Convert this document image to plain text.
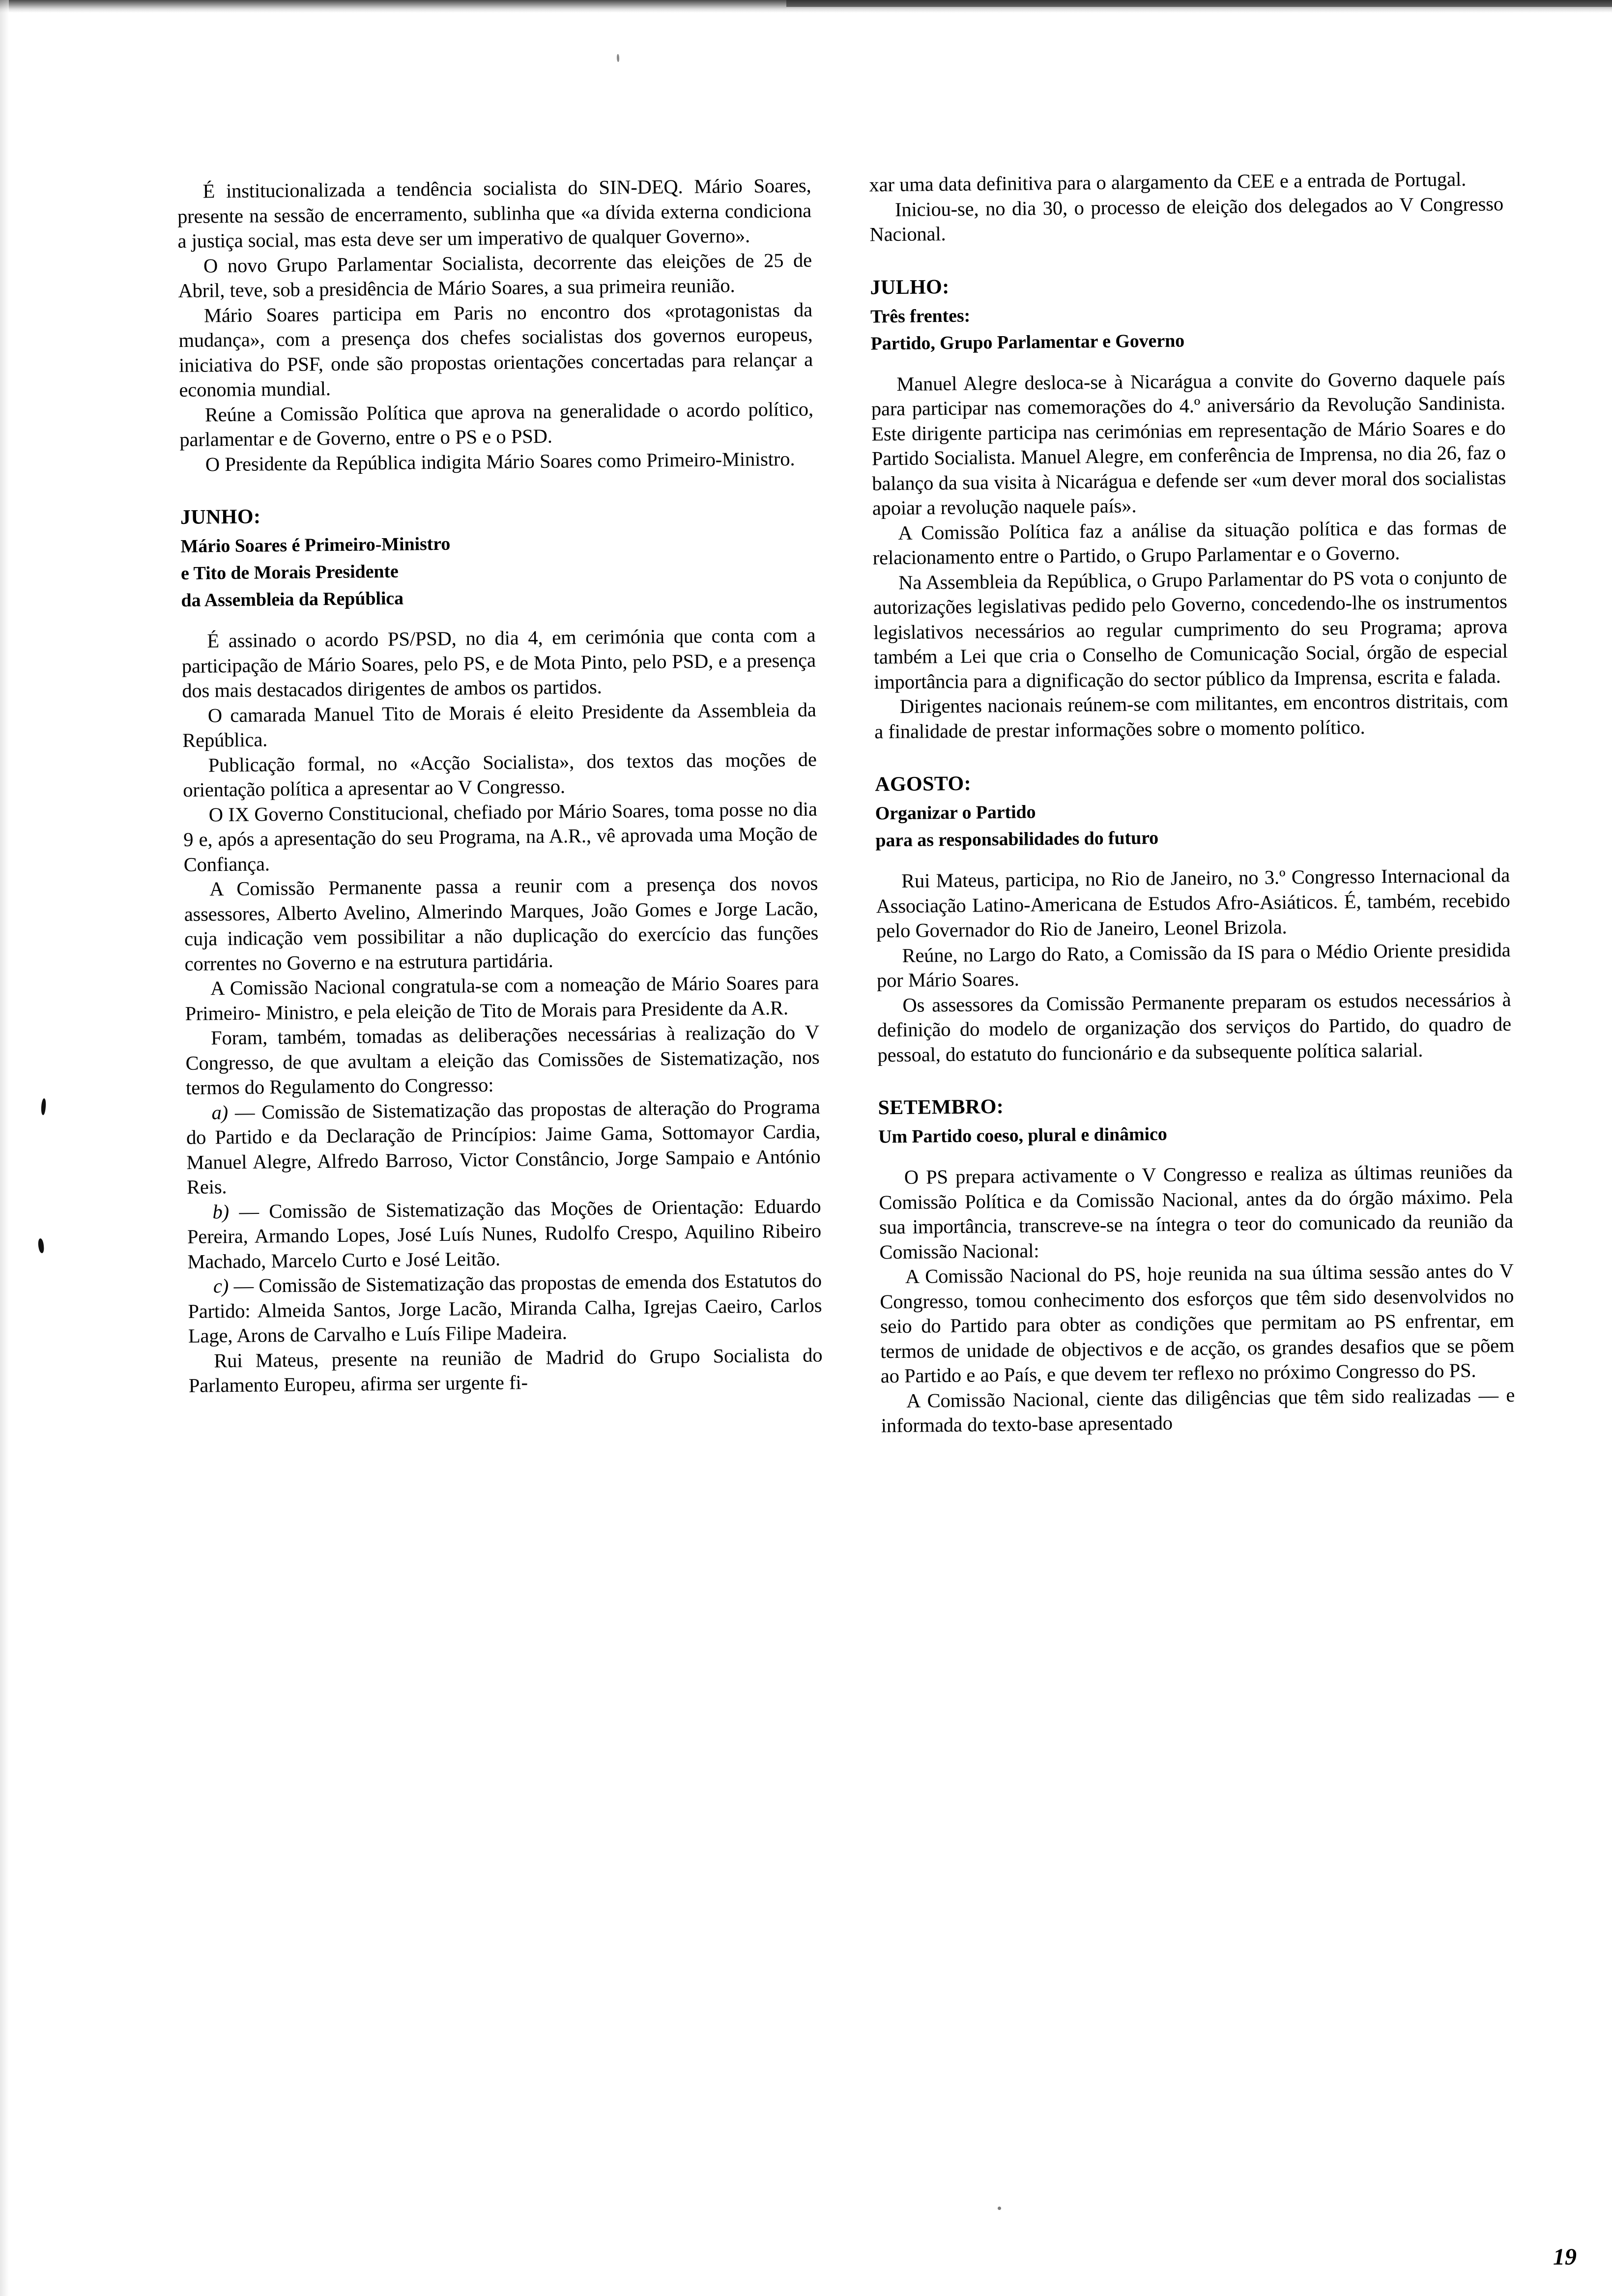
É institucionalizada a tendência socialista do SIN-DEQ. Mário Soares, presente na sessão de encerramento, sublinha que «a dívida externa condiciona a justiça social, mas esta deve ser um imperativo de qualquer Governo».

O novo Grupo Parlamentar Socialista, decorrente das eleições de 25 de Abril, teve, sob a presidência de Mário Soares, a sua primeira reunião.

Mário Soares participa em Paris no encontro dos «protagonistas da mudança», com a presença dos chefes socialistas dos governos europeus, iniciativa do PSF, onde são propostas orientações concertadas para relançar a economia mundial.

Reúne a Comissão Política que aprova na generalidade o acordo político, parlamentar e de Governo, entre o PS e o PSD.

O Presidente da República indigita Mário Soares como Primeiro-Ministro.

JUNHO:
Mário Soares é Primeiro-Ministro
e Tito de Morais Presidente
da Assembleia da República

É assinado o acordo PS/PSD, no dia 4, em cerimónia que conta com a participação de Mário Soares, pelo PS, e de Mota Pinto, pelo PSD, e a presença dos mais destacados dirigentes de ambos os partidos.

O camarada Manuel Tito de Morais é eleito Presidente da Assembleia da República.

Publicação formal, no «Acção Socialista», dos textos das moções de orientação política a apresentar ao V Congresso.

O IX Governo Constitucional, chefiado por Mário Soares, toma posse no dia 9 e, após a apresentação do seu Programa, na A.R., vê aprovada uma Moção de Confiança.

A Comissão Permanente passa a reunir com a presença dos novos assessores, Alberto Avelino, Almerindo Marques, João Gomes e Jorge Lacão, cuja indicação vem possibilitar a não duplicação do exercício das funções correntes no Governo e na estrutura partidária.

A Comissão Nacional congratula-se com a nomeação de Mário Soares para Primeiro- Ministro, e pela eleição de Tito de Morais para Presidente da A.R.

Foram, também, tomadas as deliberações necessárias à realização do V Congresso, de que avultam a eleição das Comissões de Sistematização, nos termos do Regulamento do Congresso:

a) — Comissão de Sistematização das propostas de alteração do Programa do Partido e da Declaração de Princípios: Jaime Gama, Sottomayor Cardia, Manuel Alegre, Alfredo Barroso, Victor Constâncio, Jorge Sampaio e António Reis.

b) — Comissão de Sistematização das Moções de Orientação: Eduardo Pereira, Armando Lopes, José Luís Nunes, Rudolfo Crespo, Aquilino Ribeiro Machado, Marcelo Curto e José Leitão.

c) — Comissão de Sistematização das propostas de emenda dos Estatutos do Partido: Almeida Santos, Jorge Lacão, Miranda Calha, Igrejas Caeiro, Carlos Lage, Arons de Carvalho e Luís Filipe Madeira.

Rui Mateus, presente na reunião de Madrid do Grupo Socialista do Parlamento Europeu, afirma ser urgente fi-

xar uma data definitiva para o alargamento da CEE e a entrada de Portugal.

Iniciou-se, no dia 30, o processo de eleição dos delegados ao V Congresso Nacional.

JULHO:
Três frentes:
Partido, Grupo Parlamentar e Governo

Manuel Alegre desloca-se à Nicarágua a convite do Governo daquele país para participar nas comemorações do 4.º aniversário da Revolução Sandinista. Este dirigente participa nas cerimónias em representação de Mário Soares e do Partido Socialista. Manuel Alegre, em conferência de Imprensa, no dia 26, faz o balanço da sua visita à Nicarágua e defende ser «um dever moral dos socialistas apoiar a revolução naquele país».

A Comissão Política faz a análise da situação política e das formas de relacionamento entre o Partido, o Grupo Parlamentar e o Governo.

Na Assembleia da República, o Grupo Parlamentar do PS vota o conjunto de autorizações legislativas pedido pelo Governo, concedendo-lhe os instrumentos legislativos necessários ao regular cumprimento do seu Programa; aprova também a Lei que cria o Conselho de Comunicação Social, órgão de especial importância para a dignificação do sector público da Imprensa, escrita e falada.

Dirigentes nacionais reúnem-se com militantes, em encontros distritais, com a finalidade de prestar informações sobre o momento político.

AGOSTO:
Organizar o Partido
para as responsabilidades do futuro

Rui Mateus, participa, no Rio de Janeiro, no 3.º Congresso Internacional da Associação Latino-Americana de Estudos Afro-Asiáticos. É, também, recebido pelo Governador do Rio de Janeiro, Leonel Brizola.

Reúne, no Largo do Rato, a Comissão da IS para o Médio Oriente presidida por Mário Soares.

Os assessores da Comissão Permanente preparam os estudos necessários à definição do modelo de organização dos serviços do Partido, do quadro de pessoal, do estatuto do funcionário e da subsequente política salarial.

SETEMBRO:
Um Partido coeso, plural e dinâmico

O PS prepara activamente o V Congresso e realiza as últimas reuniões da Comissão Política e da Comissão Nacional, antes da do órgão máximo. Pela sua importância, transcreve-se na íntegra o teor do comunicado da reunião da Comissão Nacional:

A Comissão Nacional do PS, hoje reunida na sua última sessão antes do V Congresso, tomou conhecimento dos esforços que têm sido desenvolvidos no seio do Partido para obter as condições que permitam ao PS enfrentar, em termos de unidade de objectivos e de acção, os grandes desafios que se põem ao Partido e ao País, e que devem ter reflexo no próximo Congresso do PS.

A Comissão Nacional, ciente das diligências que têm sido realizadas — e informada do texto-base apresentado

19
